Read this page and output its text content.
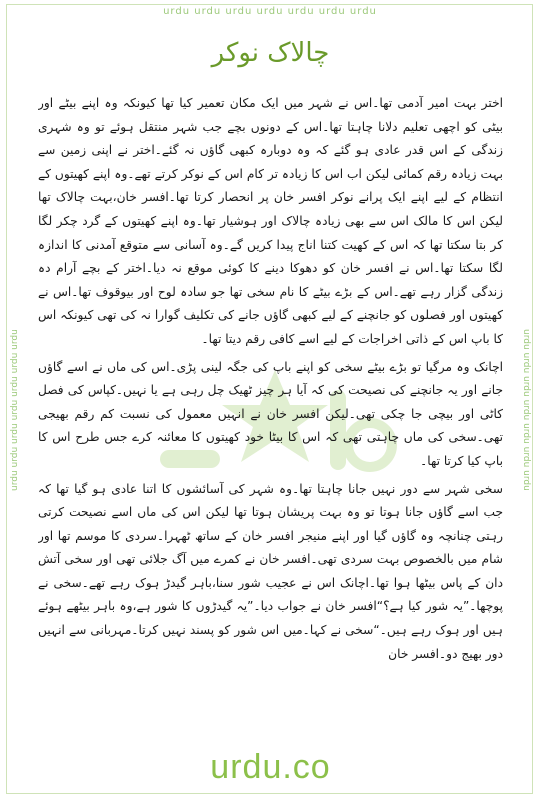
urdu urdu urdu urdu urdu urdu urdu
urdu urdu urdu urdu urdu urdu urdu	urdu urdu urdu urdu urdu urdu urdu
چالاک نوکر

اختر بہت امیر آدمی تھا۔اس نے شہر میں ایک مکان تعمیر کیا تھا کیونکہ وہ اپنے بیٹے اور بیٹی کو اچھی تعلیم دلانا چاہتا تھا۔اس کے دونوں بچے جب شہر منتقل ہوئے تو وہ شہری زندگی کے اس قدر عادی ہو گئے کہ وہ دوبارہ کبھی گاؤں نہ گئے۔اختر نے اپنی زمین سے بہت زیادہ رقم کمائی لیکن اب اس کا زیادہ تر کام اس کے نوکر کرتے تھے۔وہ اپنے کھیتوں کے انتظام کے لیے اپنے ایک پرانے نوکر افسر خان پر انحصار کرتا تھا۔افسر خان،بہت چالاک تھا لیکن اس کا مالک اس سے بھی زیادہ چالاک اور ہوشیار تھا۔وہ اپنے کھیتوں کے گرد چکر لگا کر بتا سکتا تھا کہ اس کے کھیت کتنا اناج پیدا کریں گے۔وہ آسانی سے متوقع آمدنی کا اندازہ لگا سکتا تھا۔اس نے افسر خان کو دھوکا دینے کا کوئی موقع نہ دیا۔اختر کے بچے آرام دہ زندگی گزار رہے تھے۔اس کے بڑے بیٹے کا نام سخی تھا جو سادہ لوح اور بیوقوف تھا۔اس نے کھیتوں اور فصلوں کو جانچنے کے لیے کبھی گاؤں جانے کی تکلیف گوارا نہ کی تھی کیونکہ اس کا باپ اس کے ذاتی اخراجات کے لیے اسے کافی رقم دیتا تھا۔

اچانک وہ مرگیا تو بڑے بیٹے سخی کو اپنے باپ کی جگہ لینی پڑی۔اس کی ماں نے اسے گاؤں جانے اور یہ جانچنے کی نصیحت کی کہ آیا ہر چیز ٹھیک چل رہی ہے یا نہیں۔کپاس کی فصل کاٹی اور بیچی جا چکی تھی۔لیکن افسر خان نے انہیں معمول کی نسبت کم رقم بھیجی تھی۔سخی کی ماں چاہتی تھی کہ اس کا بیٹا خود کھیتوں کا معائنہ کرے جس طرح اس کا باپ کیا کرتا تھا۔

سخی شہر سے دور نہیں جانا چاہتا تھا۔وہ شہر کی آسائشوں کا اتنا عادی ہو گیا تھا کہ جب اسے گاؤں جانا ہوتا تو وہ بہت پریشان ہوتا تھا لیکن اس کی ماں اسے نصیحت کرتی رہتی چنانچہ وہ گاؤں گیا اور اپنے منیجر افسر خان کے ساتھ ٹھہرا۔سردی کا موسم تھا اور شام میں بالخصوص بہت سردی تھی۔افسر خان نے کمرے میں آگ جلائی تھی اور سخی آتش دان کے پاس بیٹھا ہوا تھا۔اچانک اس نے عجیب شور سنا،باہر گیدڑ ہوک رہے تھے۔سخی نے پوچھا۔”یہ شور کیا ہے؟“افسر خان نے جواب دیا۔”یہ گیدڑوں کا شور ہے،وہ باہر بیٹھے ہوئے ہیں اور ہوک رہے ہیں۔“سخی نے کہا۔میں اس شور کو پسند نہیں کرتا۔مہربانی سے انہیں دور بھیج دو۔افسر خان

urdu.co
